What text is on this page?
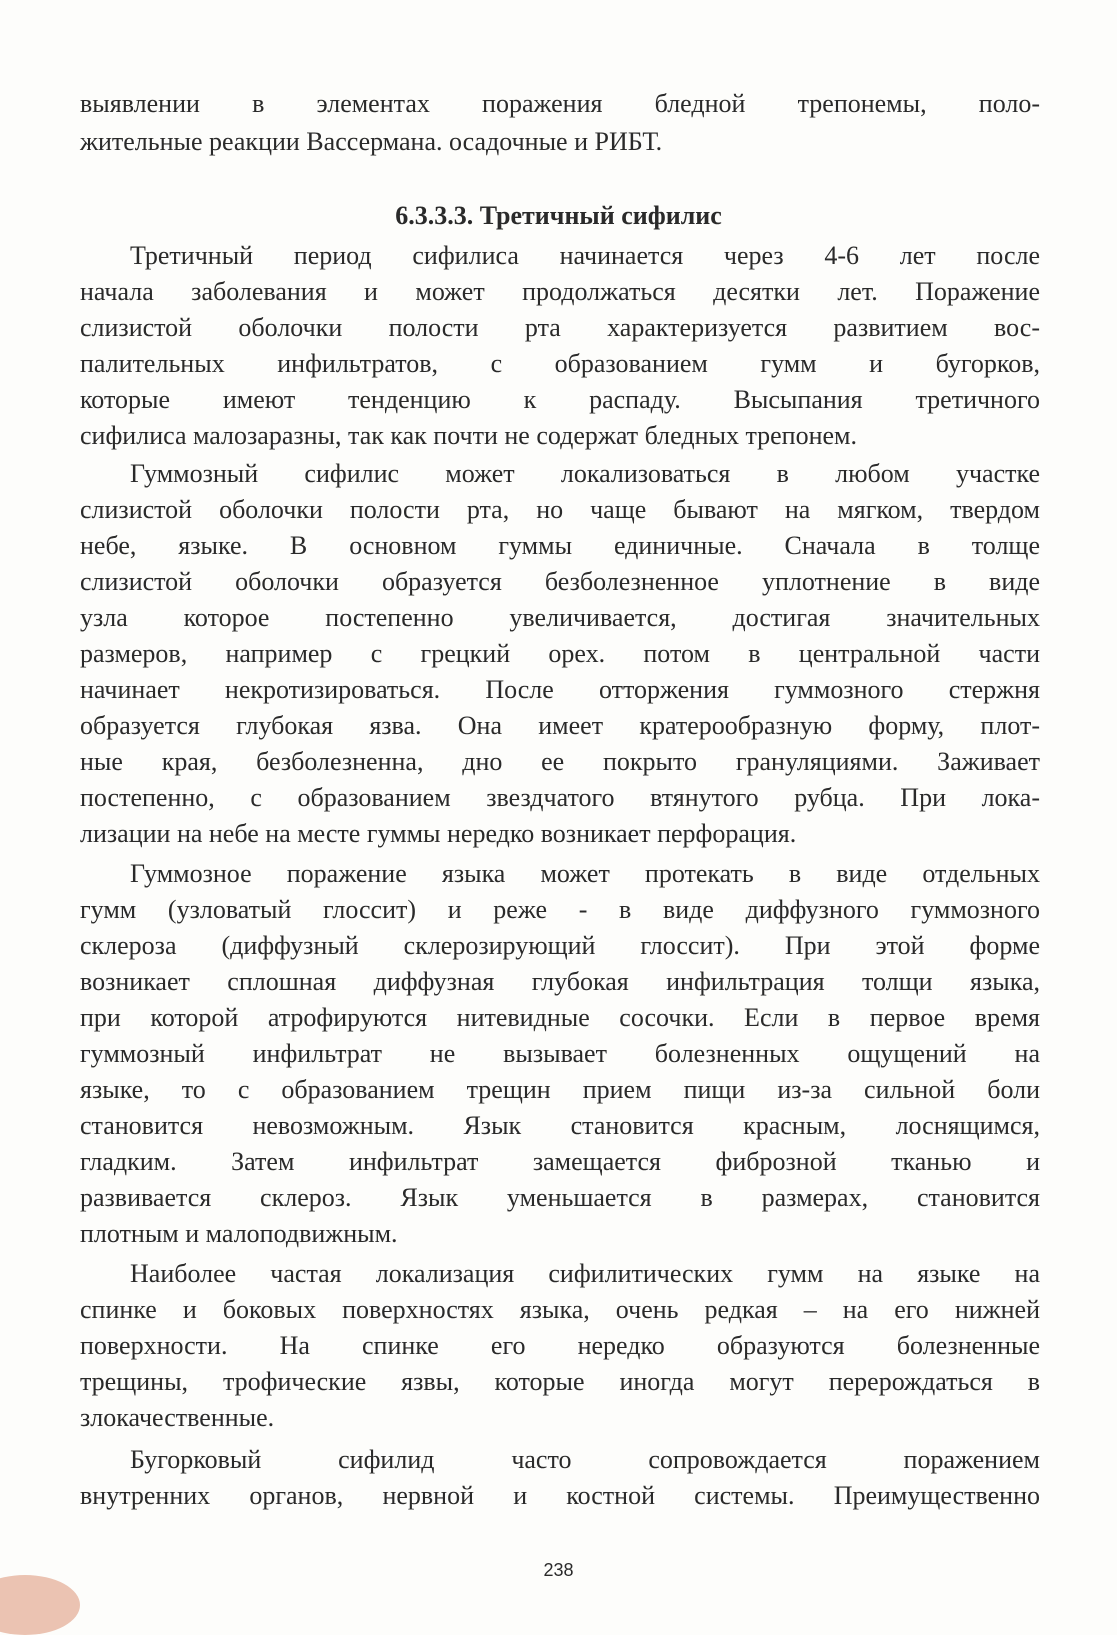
выявлении в элементах поражения бледной трепонемы, поло-
жительные реакции Вассермана. осадочные и РИБТ.
6.3.3.3. Третичный сифилис
Третичный период сифилиса начинается через 4-6 лет после
начала заболевания и может продолжаться десятки лет. Поражение
слизистой оболочки полости рта характеризуется развитием вос-
палительных инфильтратов, с образованием гумм и бугорков,
которые имеют тенденцию к распаду. Высыпания третичного
сифилиса малозаразны, так как почти не содержат бледных трепонем.
Гуммозный сифилис может локализоваться в любом участке
слизистой оболочки полости рта, но чаще бывают на мягком, твердом
небе, языке. В основном гуммы единичные. Сначала в толще
слизистой оболочки образуется безболезненное уплотнение в виде
узла которое постепенно увеличивается, достигая значительных
размеров, например с грецкий орех. потом в центральной части
начинает некротизироваться. После отторжения гуммозного стержня
образуется глубокая язва. Она имеет кратерообразную форму, плот-
ные края, безболезненна, дно ее покрыто грануляциями. Заживает
постепенно, с образованием звездчатого втянутого рубца. При лока-
лизации на небе на месте гуммы нередко возникает перфорация.
Гуммозное поражение языка может протекать в виде отдельных
гумм (узловатый глоссит) и реже - в виде диффузного гуммозного
склероза (диффузный склерозирующий глоссит). При этой форме
возникает сплошная диффузная глубокая инфильтрация толщи языка,
при которой атрофируются нитевидные сосочки. Если в первое время
гуммозный инфильтрат не вызывает болезненных ощущений на
языке, то с образованием трещин прием пищи из-за сильной боли
становится невозможным. Язык становится красным, лоснящимся,
гладким. Затем инфильтрат замещается фиброзной тканью и
развивается склероз. Язык уменьшается в размерах, становится
плотным и малоподвижным.
Наиболее частая локализация сифилитических гумм на языке на
спинке и боковых поверхностях языка, очень редкая – на его нижней
поверхности. На спинке его нередко образуются болезненные
трещины, трофические язвы, которые иногда могут перерождаться в
злокачественные.
Бугорковый сифилид часто сопровождается поражением
внутренних органов, нервной и костной системы. Преимущественно
238
